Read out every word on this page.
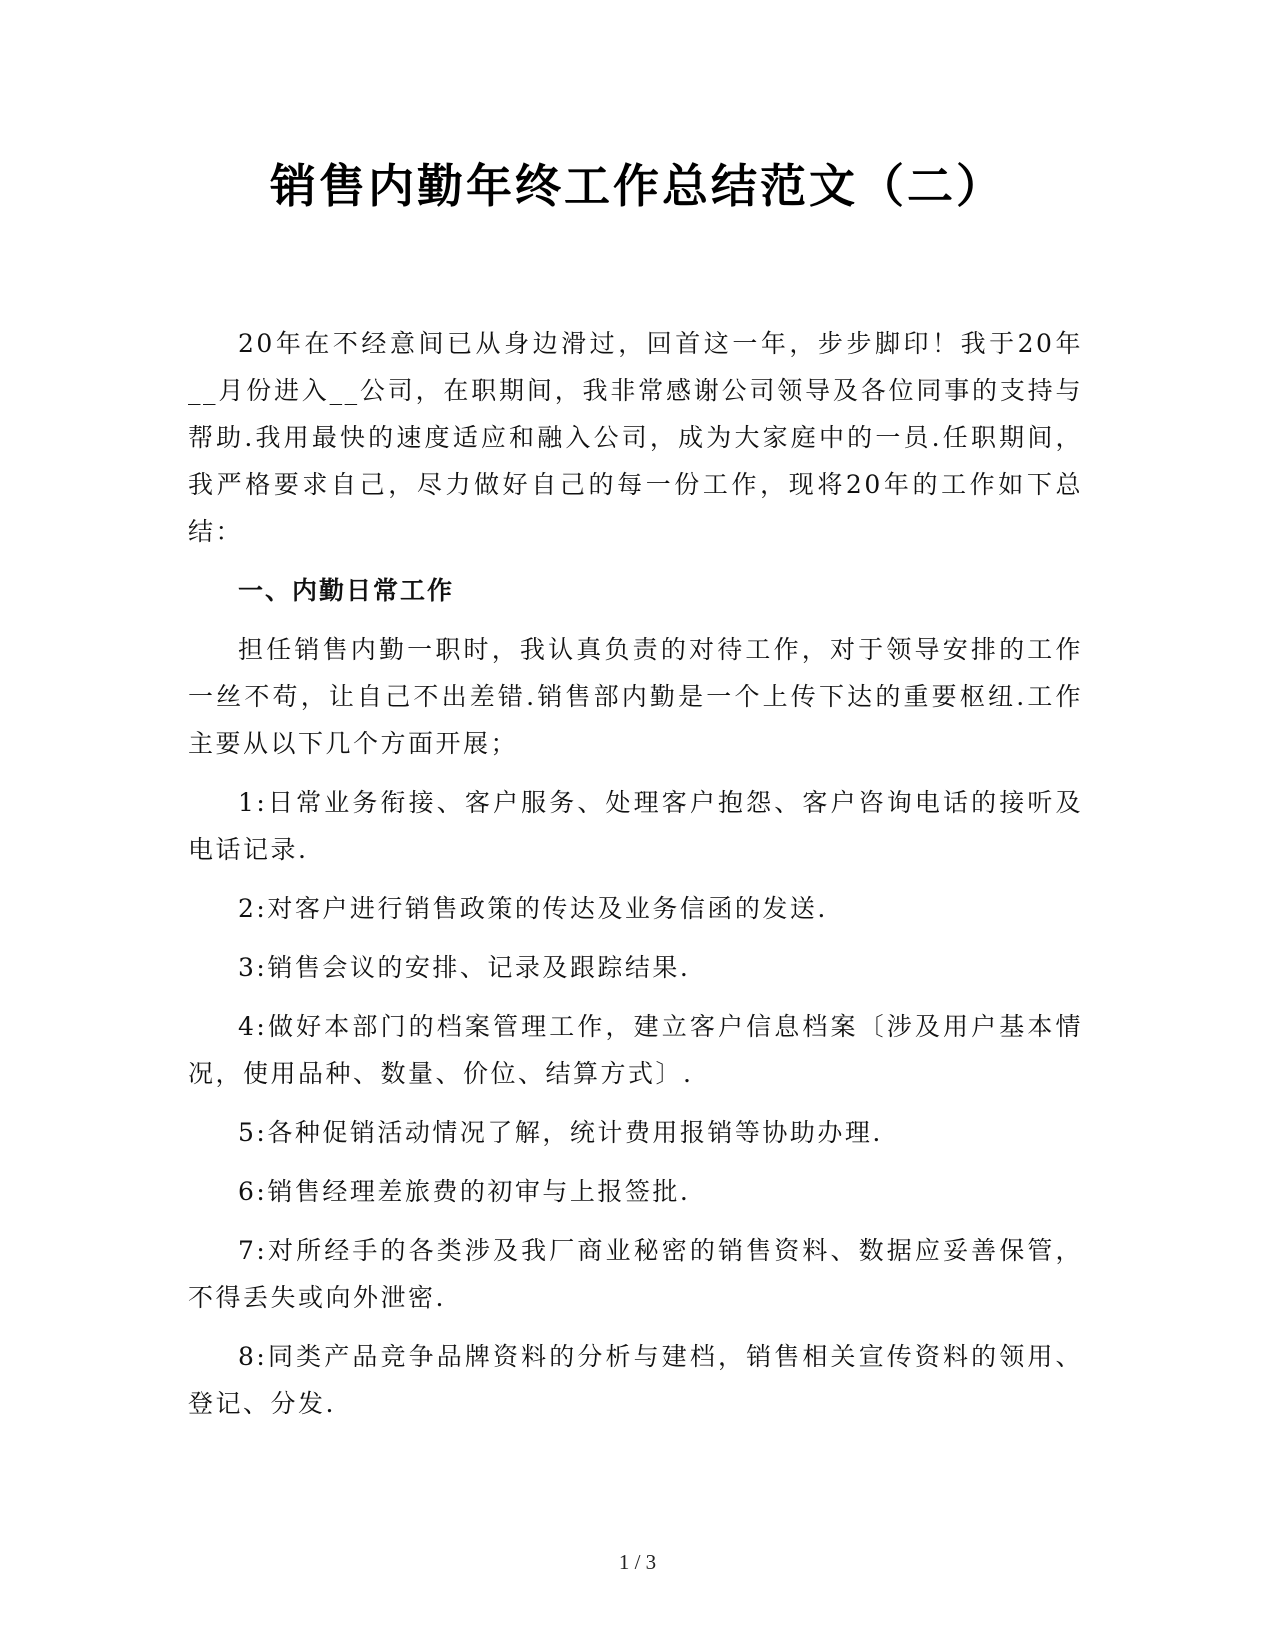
销售内勤年终工作总结范文（二）

20年在不经意间已从身边滑过，回首这一年，步步脚印！我于20年__月份进入__公司，在职期间，我非常感谢公司领导及各位同事的支持与帮助.我用最快的速度适应和融入公司，成为大家庭中的一员.任职期间，我严格要求自己，尽力做好自己的每一份工作，现将20年的工作如下总结：

一、内勤日常工作

担任销售内勤一职时，我认真负责的对待工作，对于领导安排的工作一丝不苟，让自己不出差错.销售部内勤是一个上传下达的重要枢纽.工作主要从以下几个方面开展；

1:日常业务衔接、客户服务、处理客户抱怨、客户咨询电话的接听及电话记录.

2:对客户进行销售政策的传达及业务信函的发送.

3:销售会议的安排、记录及跟踪结果.

4:做好本部门的档案管理工作，建立客户信息档案〔涉及用户基本情况，使用品种、数量、价位、结算方式〕.

5:各种促销活动情况了解，统计费用报销等协助办理.

6:销售经理差旅费的初审与上报签批.

7:对所经手的各类涉及我厂商业秘密的销售资料、数据应妥善保管，不得丢失或向外泄密.

8:同类产品竞争品牌资料的分析与建档，销售相关宣传资料的领用、登记、分发.

1 / 3
